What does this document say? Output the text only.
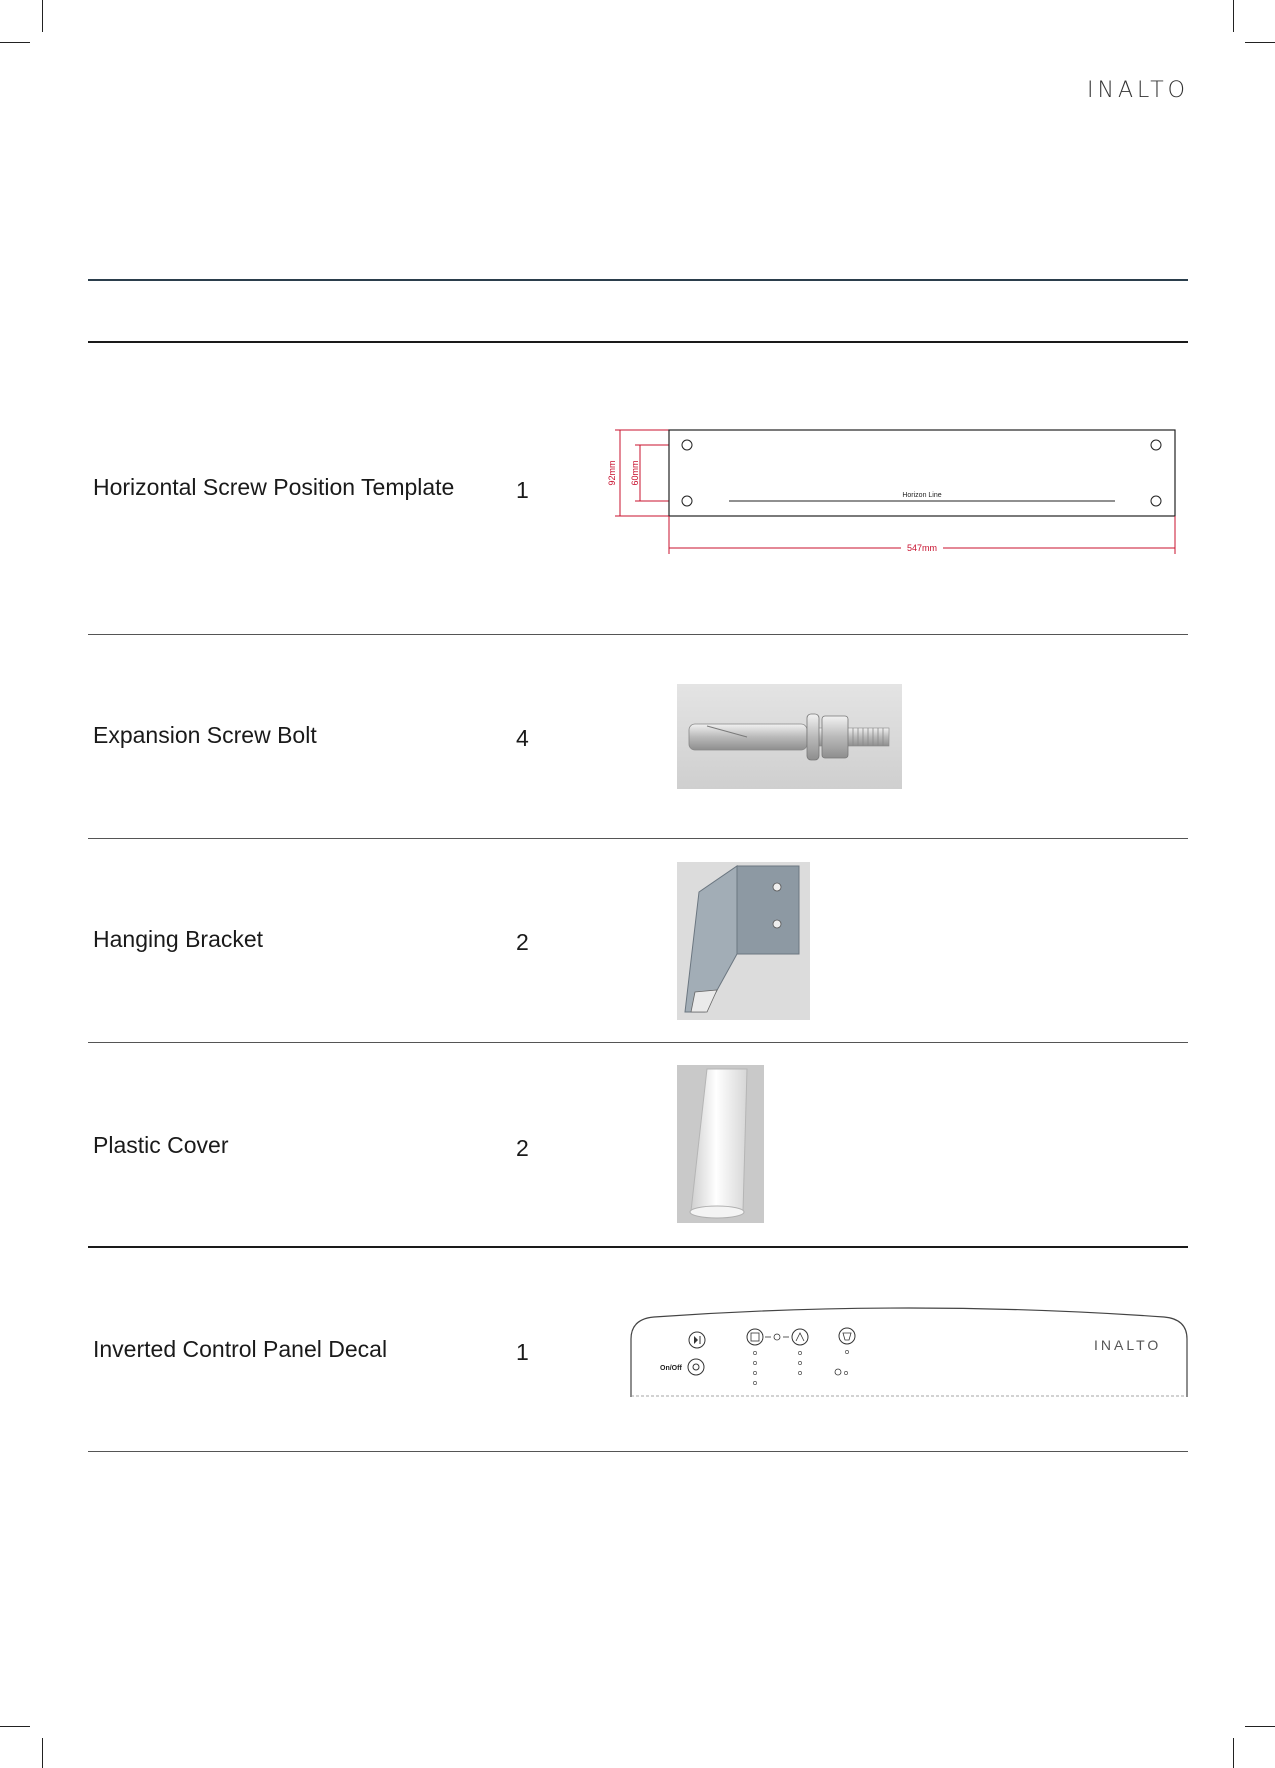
INALTO
Horizontal Screw Position Template	1
92mm 60mm
Horizon Line
547mm
Expansion Screw Bolt	4
Hanging Bracket	2
Plastic Cover	2
Inverted Control Panel Decal	1
On/Off
INALTO
